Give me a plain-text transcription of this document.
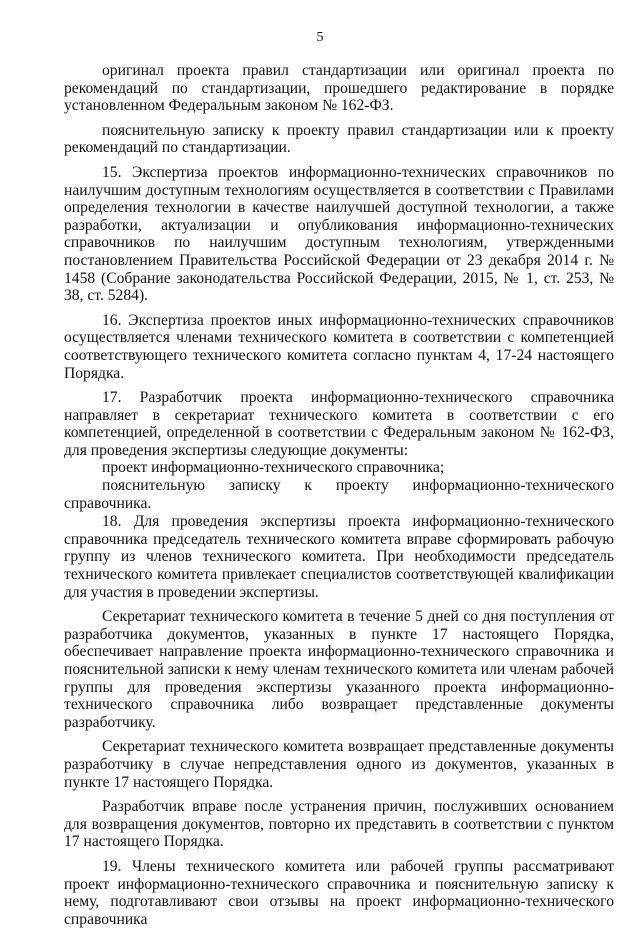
5

оригинал проекта правил стандартизации или оригинал проекта по рекомендаций по стандартизации, прошедшего редактирование в порядке установленном Федеральным законом № 162-ФЗ.

пояснительную записку к проекту правил стандартизации или к проекту рекомендаций по стандартизации.

15. Экспертиза проектов информационно-технических справочников по наилучшим доступным технологиям осуществляется в соответствии с Правилами определения технологии в качестве наилучшей доступной технологии, а также разработки, актуализации и опубликования информационно-технических справочников по наилучшим доступным технологиям, утвержденными постановлением Правительства Российской Федерации от 23 декабря 2014 г. № 1458 (Собрание законодательства Российской Федерации, 2015, № 1, ст. 253, № 38, ст. 5284).

16. Экспертиза проектов иных информационно-технических справочников осуществляется членами технического комитета в соответствии с компетенцией соответствующего технического комитета согласно пунктам 4, 17-24 настоящего Порядка.

17. Разработчик проекта информационно-технического справочника направляет в секретариат технического комитета в соответствии с его компетенцией, определенной в соответствии с Федеральным законом № 162-ФЗ, для проведения экспертизы следующие документы:

проект информационно-технического справочника;

пояснительную записку к проекту информационно-технического справочника.

18. Для проведения экспертизы проекта информационно-технического справочника председатель технического комитета вправе сформировать рабочую группу из членов технического комитета. При необходимости председатель технического комитета привлекает специалистов соответствующей квалификации для участия в проведении экспертизы.

Секретариат технического комитета в течение 5 дней со дня поступления от разработчика документов, указанных в пункте 17 настоящего Порядка, обеспечивает направление проекта информационно-технического справочника и пояснительной записки к нему членам технического комитета или членам рабочей группы для проведения экспертизы указанного проекта информационно-технического справочника либо возвращает представленные документы разработчику.

Секретариат технического комитета возвращает представленные документы разработчику в случае непредставления одного из документов, указанных в пункте 17 настоящего Порядка.

Разработчик вправе после устранения причин, послуживших основанием для возвращения документов, повторно их представить в соответствии с пунктом 17 настоящего Порядка.

19. Члены технического комитета или рабочей группы рассматривают проект информационно-технического справочника и пояснительную записку к нему, подготавливают свои отзывы на проект информационно-технического справочника
